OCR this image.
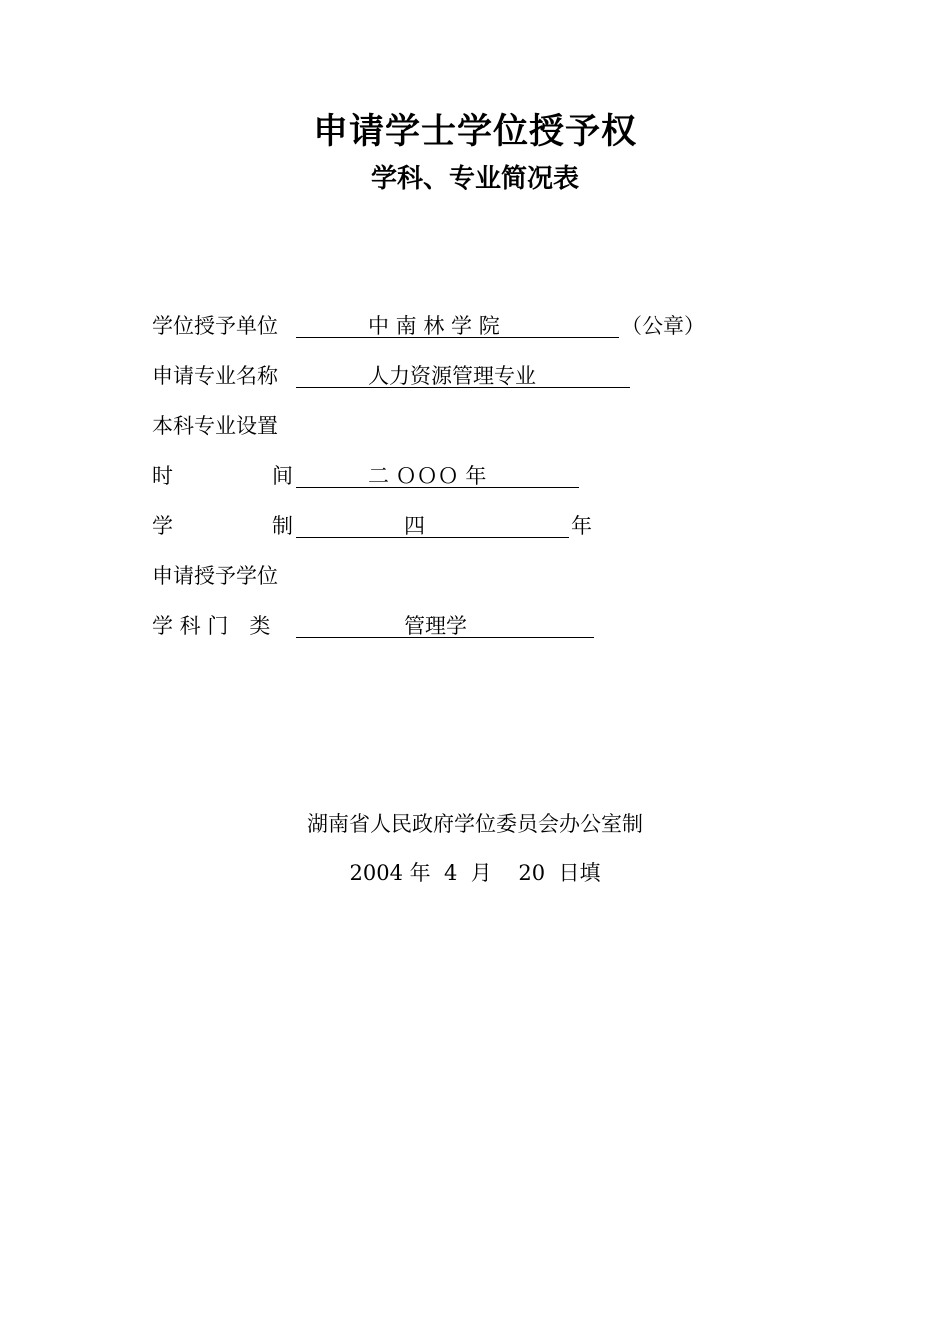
申请学士学位授予权
学科、专业简况表
学位授予单位	中 南 林 学 院	（公章）
申请专业名称	人力资源管理专业
本科专业设置
时	间	二 ＯＯＯ 年
学	制	四	年
申请授予学位
学 科 门　类	管理学
湖南省人民政府学位委员会办公室制
2004 年  4  月    20  日填
